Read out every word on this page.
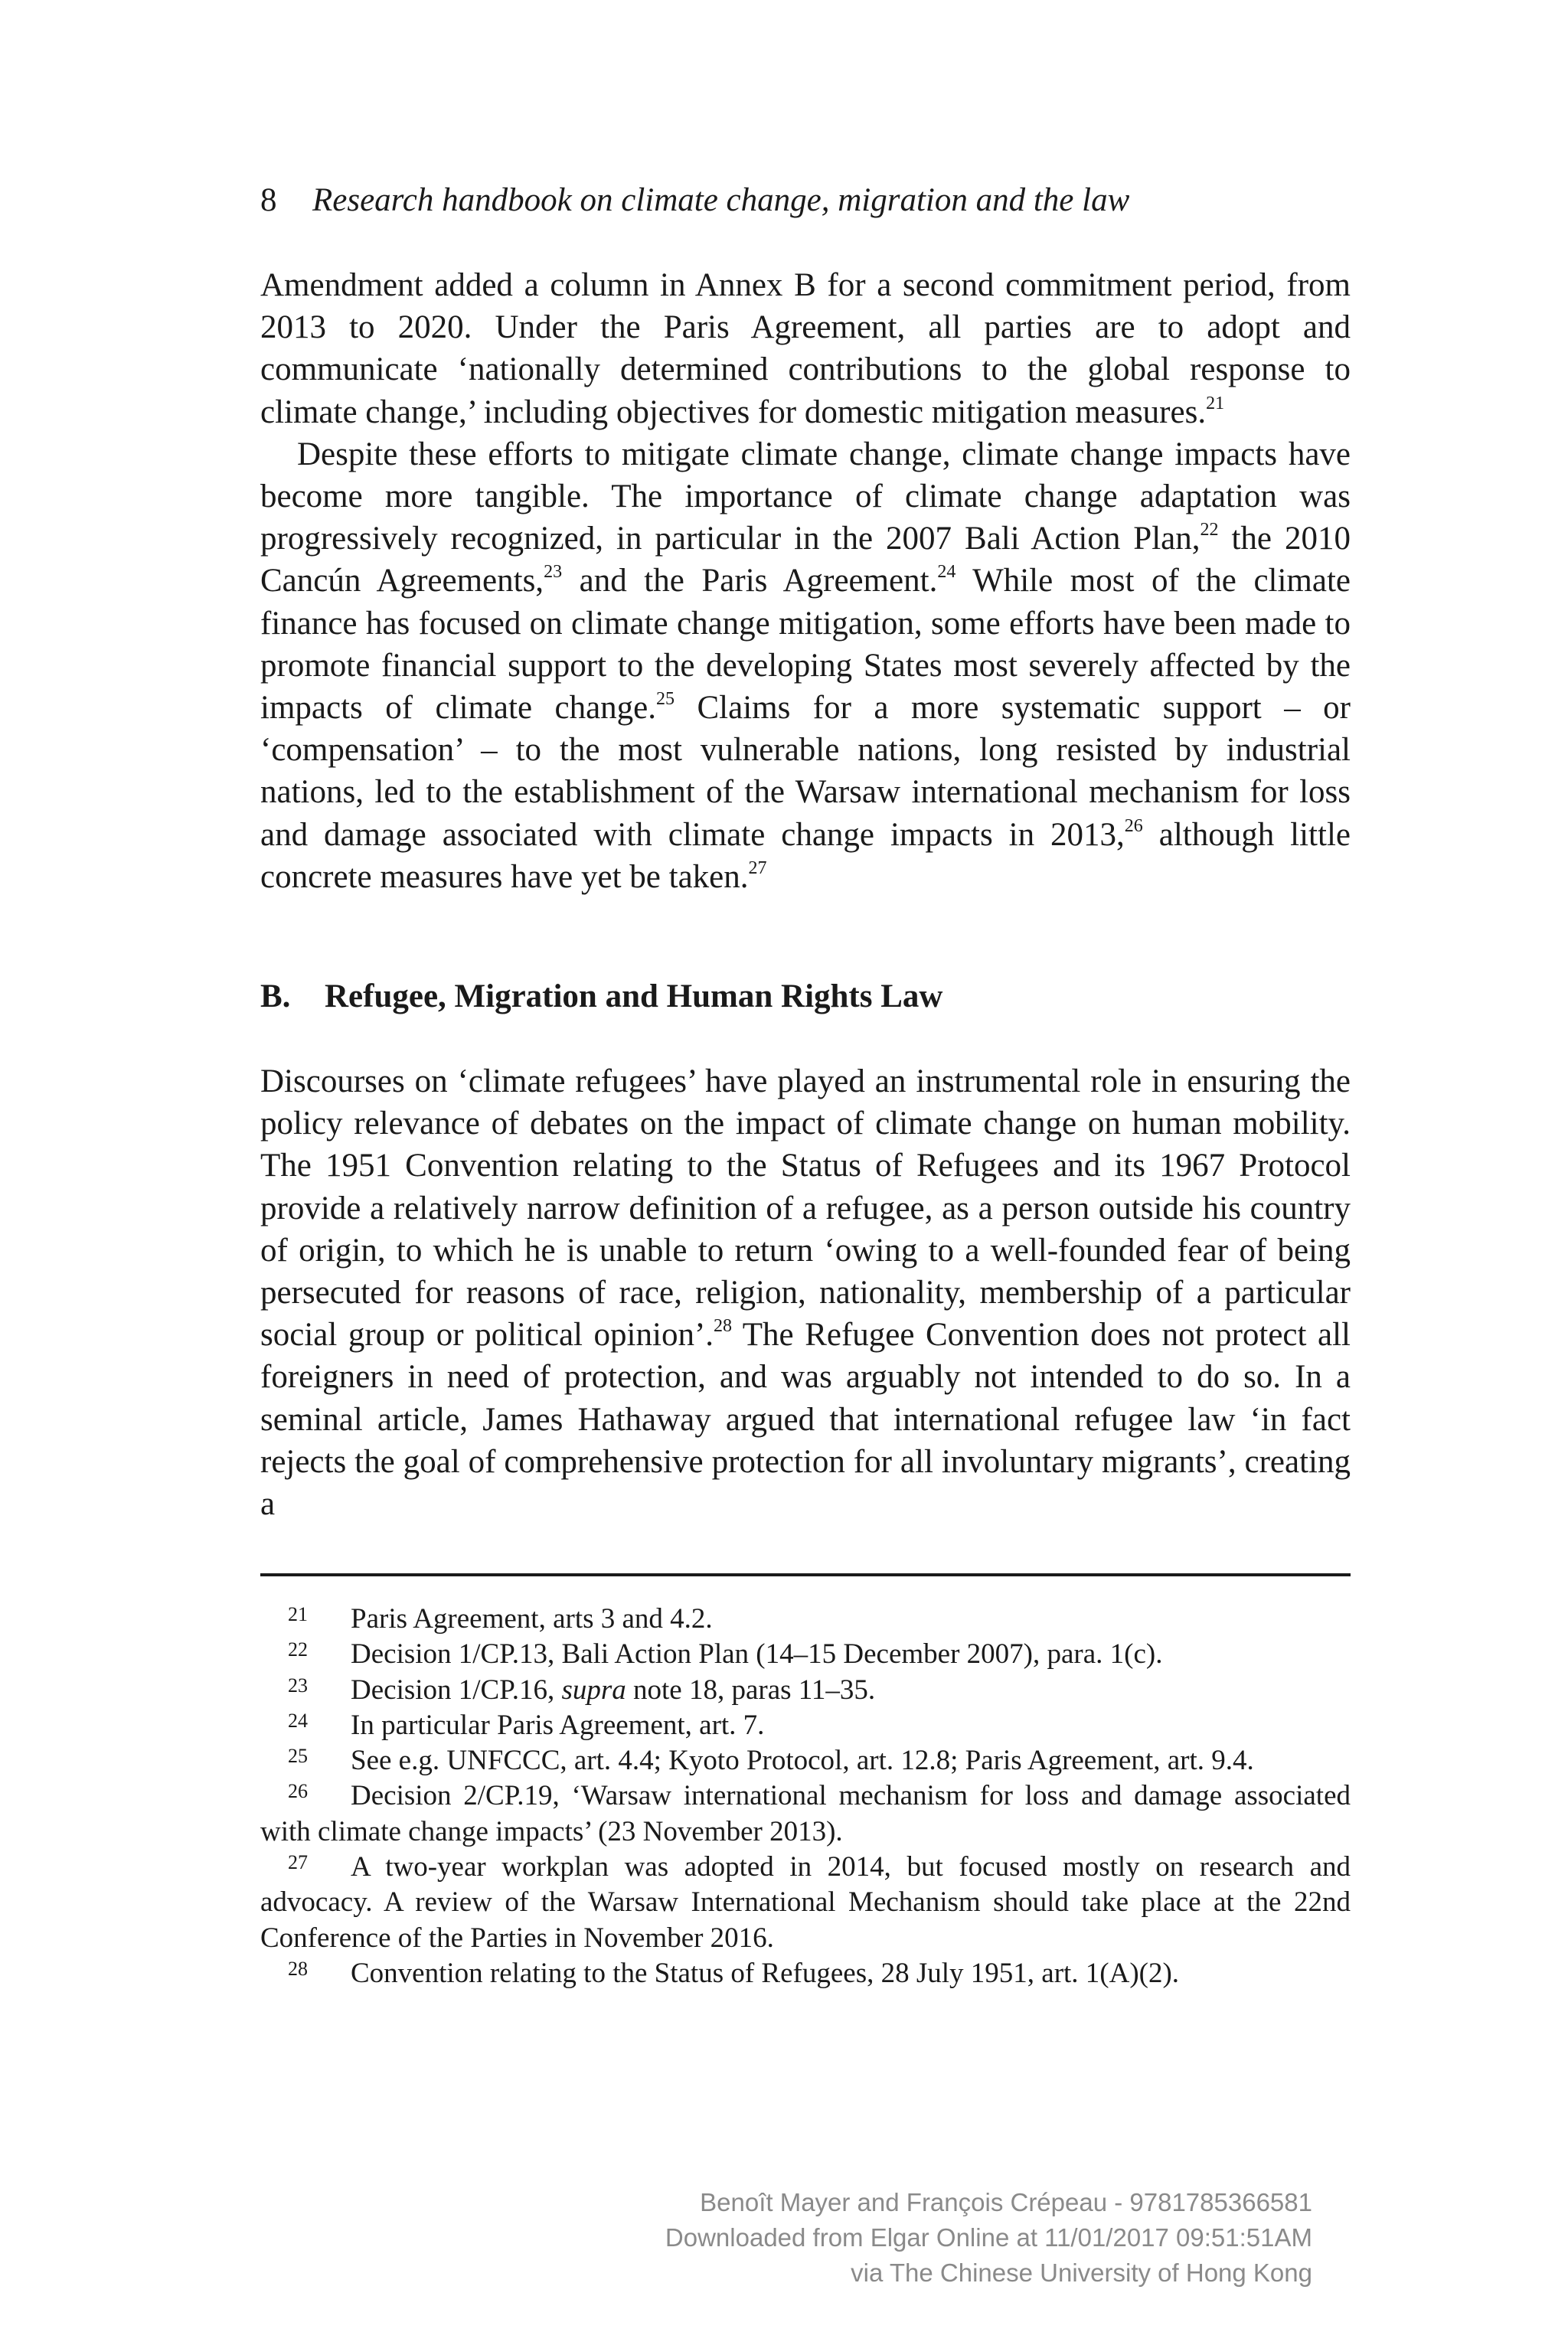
8 Research handbook on climate change, migration and the law

Amendment added a column in Annex B for a second commitment period, from 2013 to 2020. Under the Paris Agreement, all parties are to adopt and communicate ‘nationally determined contributions to the global response to climate change,’ including objectives for domestic mitigation measures.$^{21}$

Despite these efforts to mitigate climate change, climate change impacts have become more tangible. The importance of climate change adaptation was progressively recognized, in particular in the 2007 Bali Action Plan,$^{22}$ the 2010 Cancún Agreements,$^{23}$ and the Paris Agreement.$^{24}$ While most of the climate finance has focused on climate change mitigation, some efforts have been made to promote financial support to the developing States most severely affected by the impacts of climate change.$^{25}$ Claims for a more systematic support – or ‘compensation’ – to the most vulnerable nations, long resisted by industrial nations, led to the establishment of the Warsaw international mechanism for loss and damage associated with climate change impacts in 2013,26 although little concrete measures have yet be taken.$^{27}$

B. Refugee, Migration and Human Rights Law

Discourses on ‘climate refugees’ have played an instrumental role in ensuring the policy relevance of debates on the impact of climate change on human mobility. The 1951 Convention relating to the Status of Refugees and its 1967 Protocol provide a relatively narrow definition of a refugee, as a person outside his country of origin, to which he is unable to return ‘owing to a well-founded fear of being persecuted for reasons of race, religion, nationality, membership of a particular social group or political opinion’.$^{28}$ The Refugee Convention does not protect all foreigners in need of protection, and was arguably not intended to do so. In a seminal article, James Hathaway argued that international refugee law ‘in fact rejects the goal of comprehensive protection for all involuntary migrants’, creating a

21 Paris Agreement, arts 3 and 4.2.

22 Decision 1/CP.13, Bali Action Plan (14–15 December 2007), para. 1(c).

23 Decision 1/CP.16, supra note 18, paras 11–35.

24 In particular Paris Agreement, art. 7.

25 See e.g. UNFCCC, art. 4.4; Kyoto Protocol, art. 12.8; Paris Agreement, art. 9.4.

26 Decision 2/CP.19, ‘Warsaw international mechanism for loss and damage associated with climate change impacts’ (23 November 2013).

27 A two-year workplan was adopted in 2014, but focused mostly on research and advocacy. A review of the Warsaw International Mechanism should take place at the 22nd Conference of the Parties in November 2016.

28 Convention relating to the Status of Refugees, 28 July 1951, art. 1(A)(2).

Benoît Mayer and François Crépeau - 9781785366581
Downloaded from Elgar Online at 11/01/2017 09:51:51AM
via The Chinese University of Hong Kong
